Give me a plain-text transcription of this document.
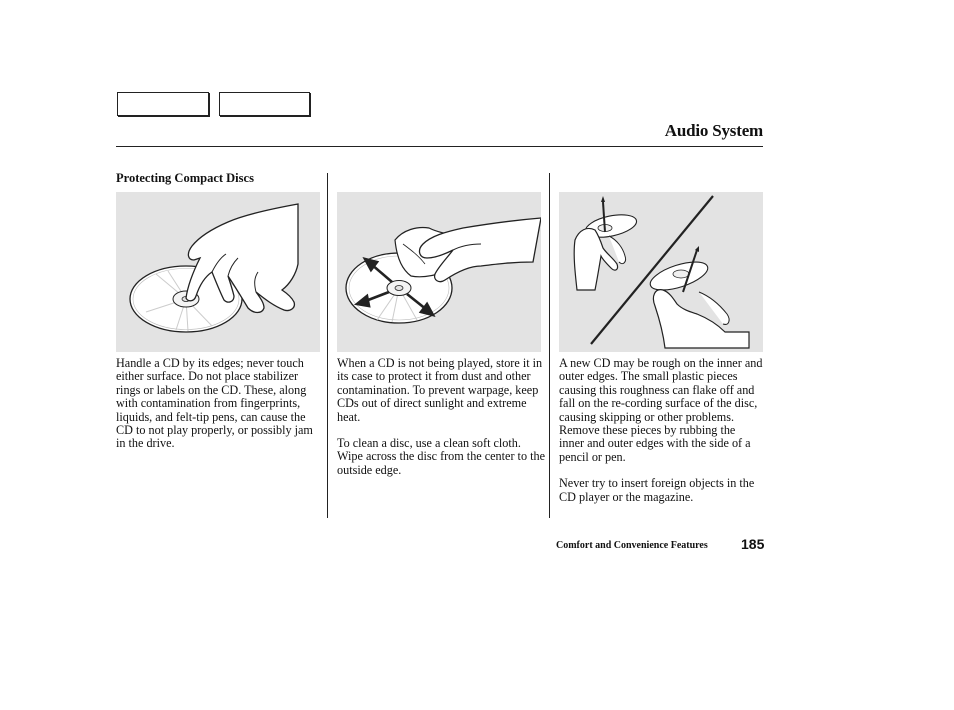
Audio System
Protecting Compact Discs

Handle a CD by its edges; never touch either surface. Do not place stabilizer rings or labels on the CD. These, along with contamination from fingerprints, liquids, and felt-tip pens, can cause the CD to not play properly, or possibly jam in the drive.

When a CD is not being played, store it in its case to protect it from dust and other contamination. To prevent warpage, keep CDs out of direct sunlight and extreme heat.

To clean a disc, use a clean soft cloth. Wipe across the disc from the center to the outside edge.

A new CD may be rough on the inner and outer edges. The small plastic pieces causing this roughness can flake off and fall on the re-cording surface of the disc, causing skipping or other problems. Remove these pieces by rubbing the inner and outer edges with the side of a pencil or pen.

Never try to insert foreign objects in the CD player or the magazine.

Comfort and Convenience Features 185
